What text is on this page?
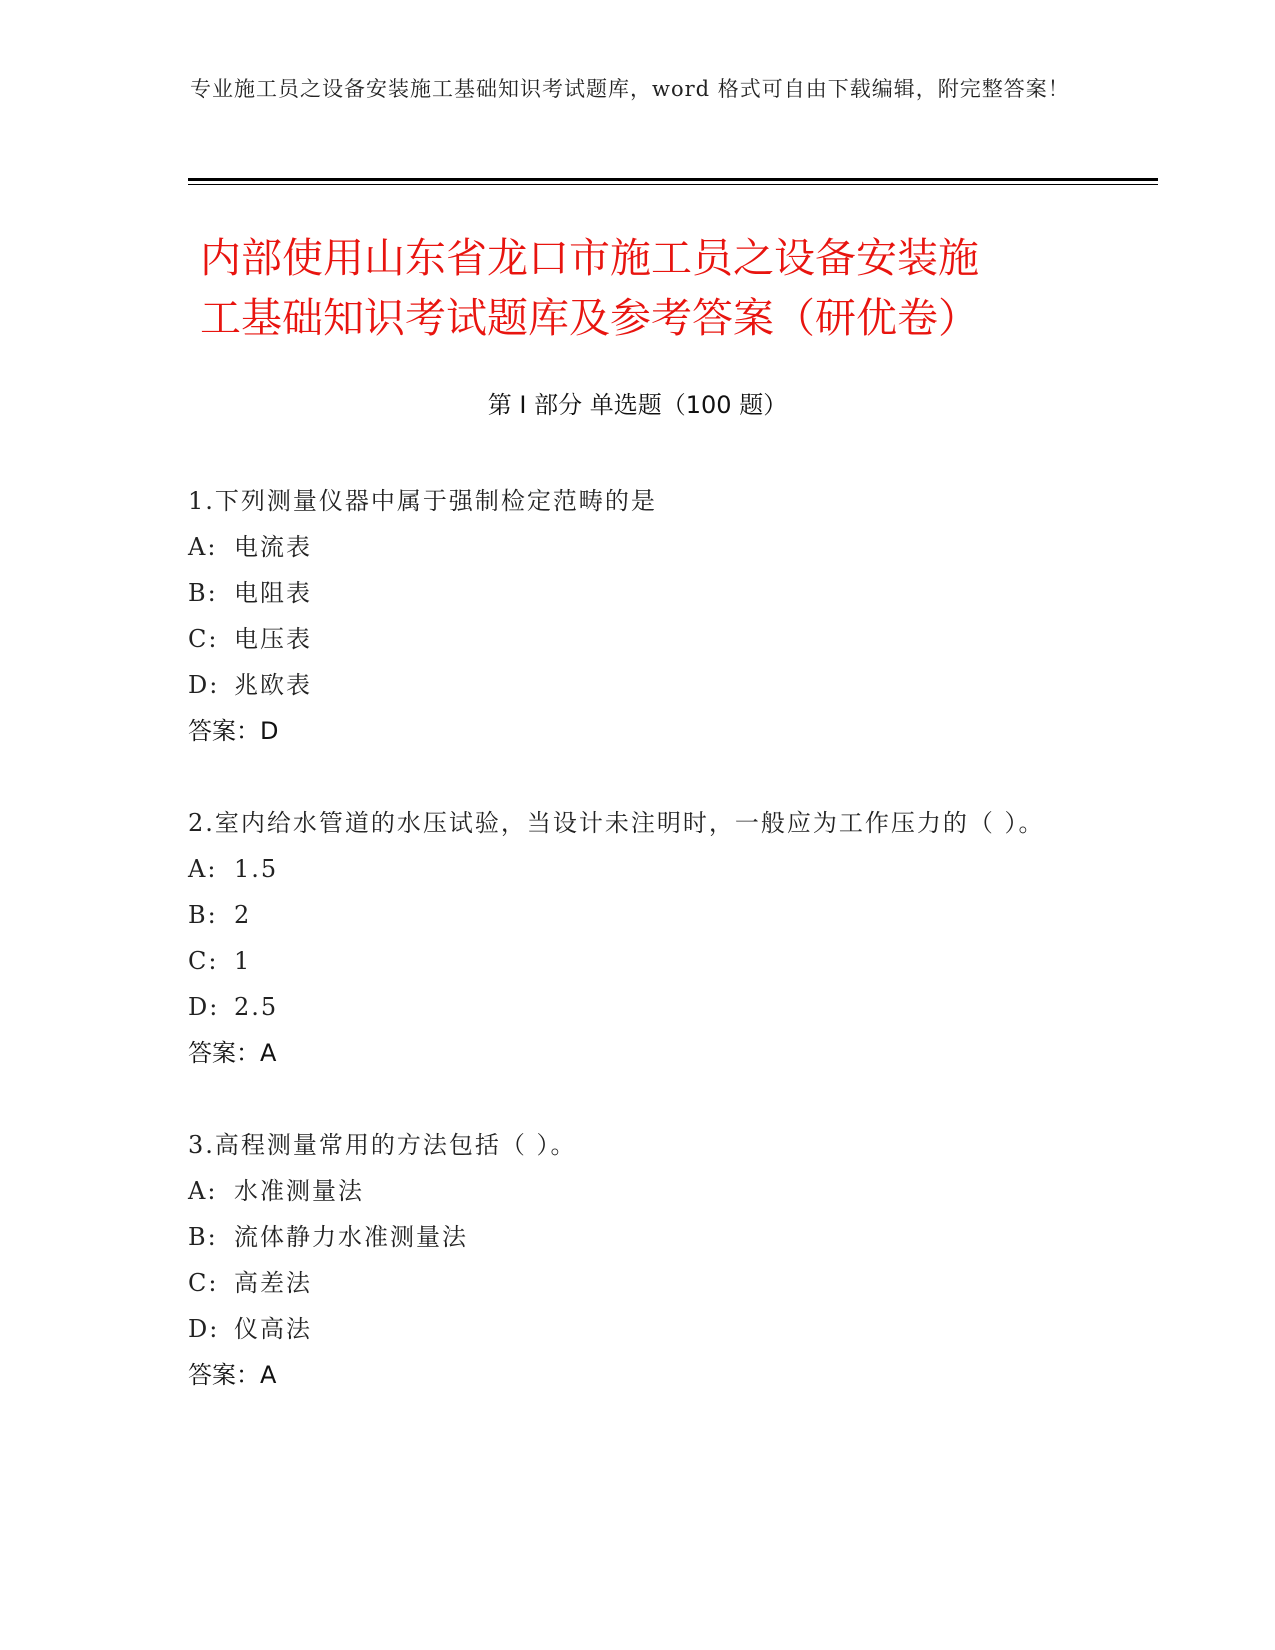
专业施工员之设备安装施工基础知识考试题库，word 格式可自由下载编辑，附完整答案！
内部使用山东省龙口市施工员之设备安装施
工基础知识考试题库及参考答案（研优卷）
第 I 部分 单选题（100 题）

1.下列测量仪器中属于强制检定范畴的是

A: 电流表
B: 电阻表
C: 电压表
D: 兆欧表
答案：D

2.室内给水管道的水压试验，当设计未注明时，一般应为工作压力的（ ）。

A: 1.5
B: 2
C: 1
D: 2.5
答案：A

3.高程测量常用的方法包括（ ）。

A: 水准测量法
B: 流体静力水准测量法
C: 高差法
D: 仪高法
答案：A
